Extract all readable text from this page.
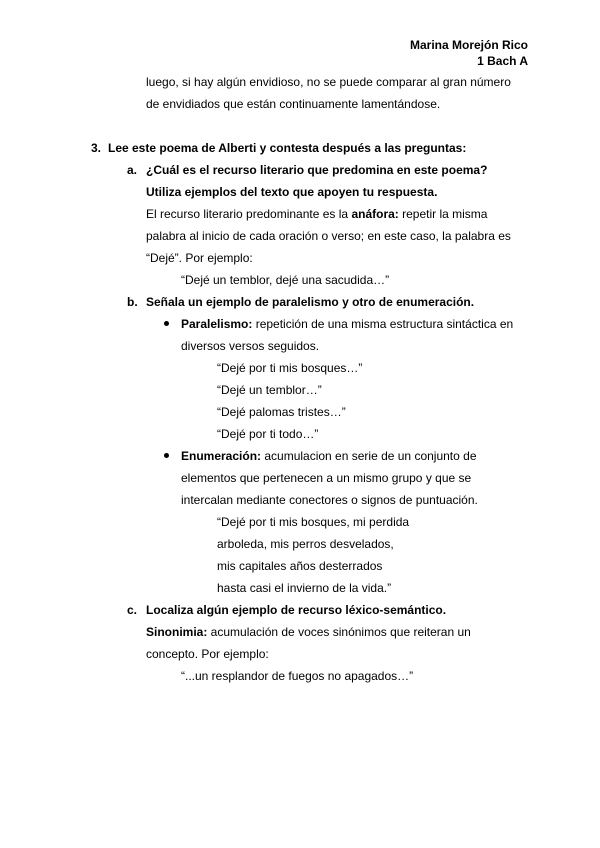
Marina Morejón Rico
1 Bach A
luego, si hay algún envidioso, no se puede comparar al gran número
de envidiados que están continuamente lamentándose.
3. Lee este poema de Alberti y contesta después a las preguntas:
a. ¿Cuál es el recurso literario que predomina en este poema?
Utiliza ejemplos del texto que apoyen tu respuesta.
El recurso literario predominante es la anáfora: repetir la misma
palabra al inicio de cada oración o verso; en este caso, la palabra es
“Dejé”. Por ejemplo:
“Dejé un temblor, dejé una sacudida…”
b. Señala un ejemplo de paralelismo y otro de enumeración.
Paralelismo: repetición de una misma estructura sintáctica en
diversos versos seguidos.
“Dejé por ti mis bosques…”
“Dejé un temblor…”
“Dejé palomas tristes…”
“Dejé por ti todo…”
Enumeración: acumulacion en serie de un conjunto de
elementos que pertenecen a un mismo grupo y que se
intercalan mediante conectores o signos de puntuación.
“Dejé por ti mis bosques, mi perdida
arboleda, mis perros desvelados,
mis capitales años desterrados
hasta casi el invierno de la vida.”
c. Localiza algún ejemplo de recurso léxico-semántico.
Sinonimia: acumulación de voces sinónimos que reiteran un
concepto. Por ejemplo:
“...un resplandor de fuegos no apagados…”
